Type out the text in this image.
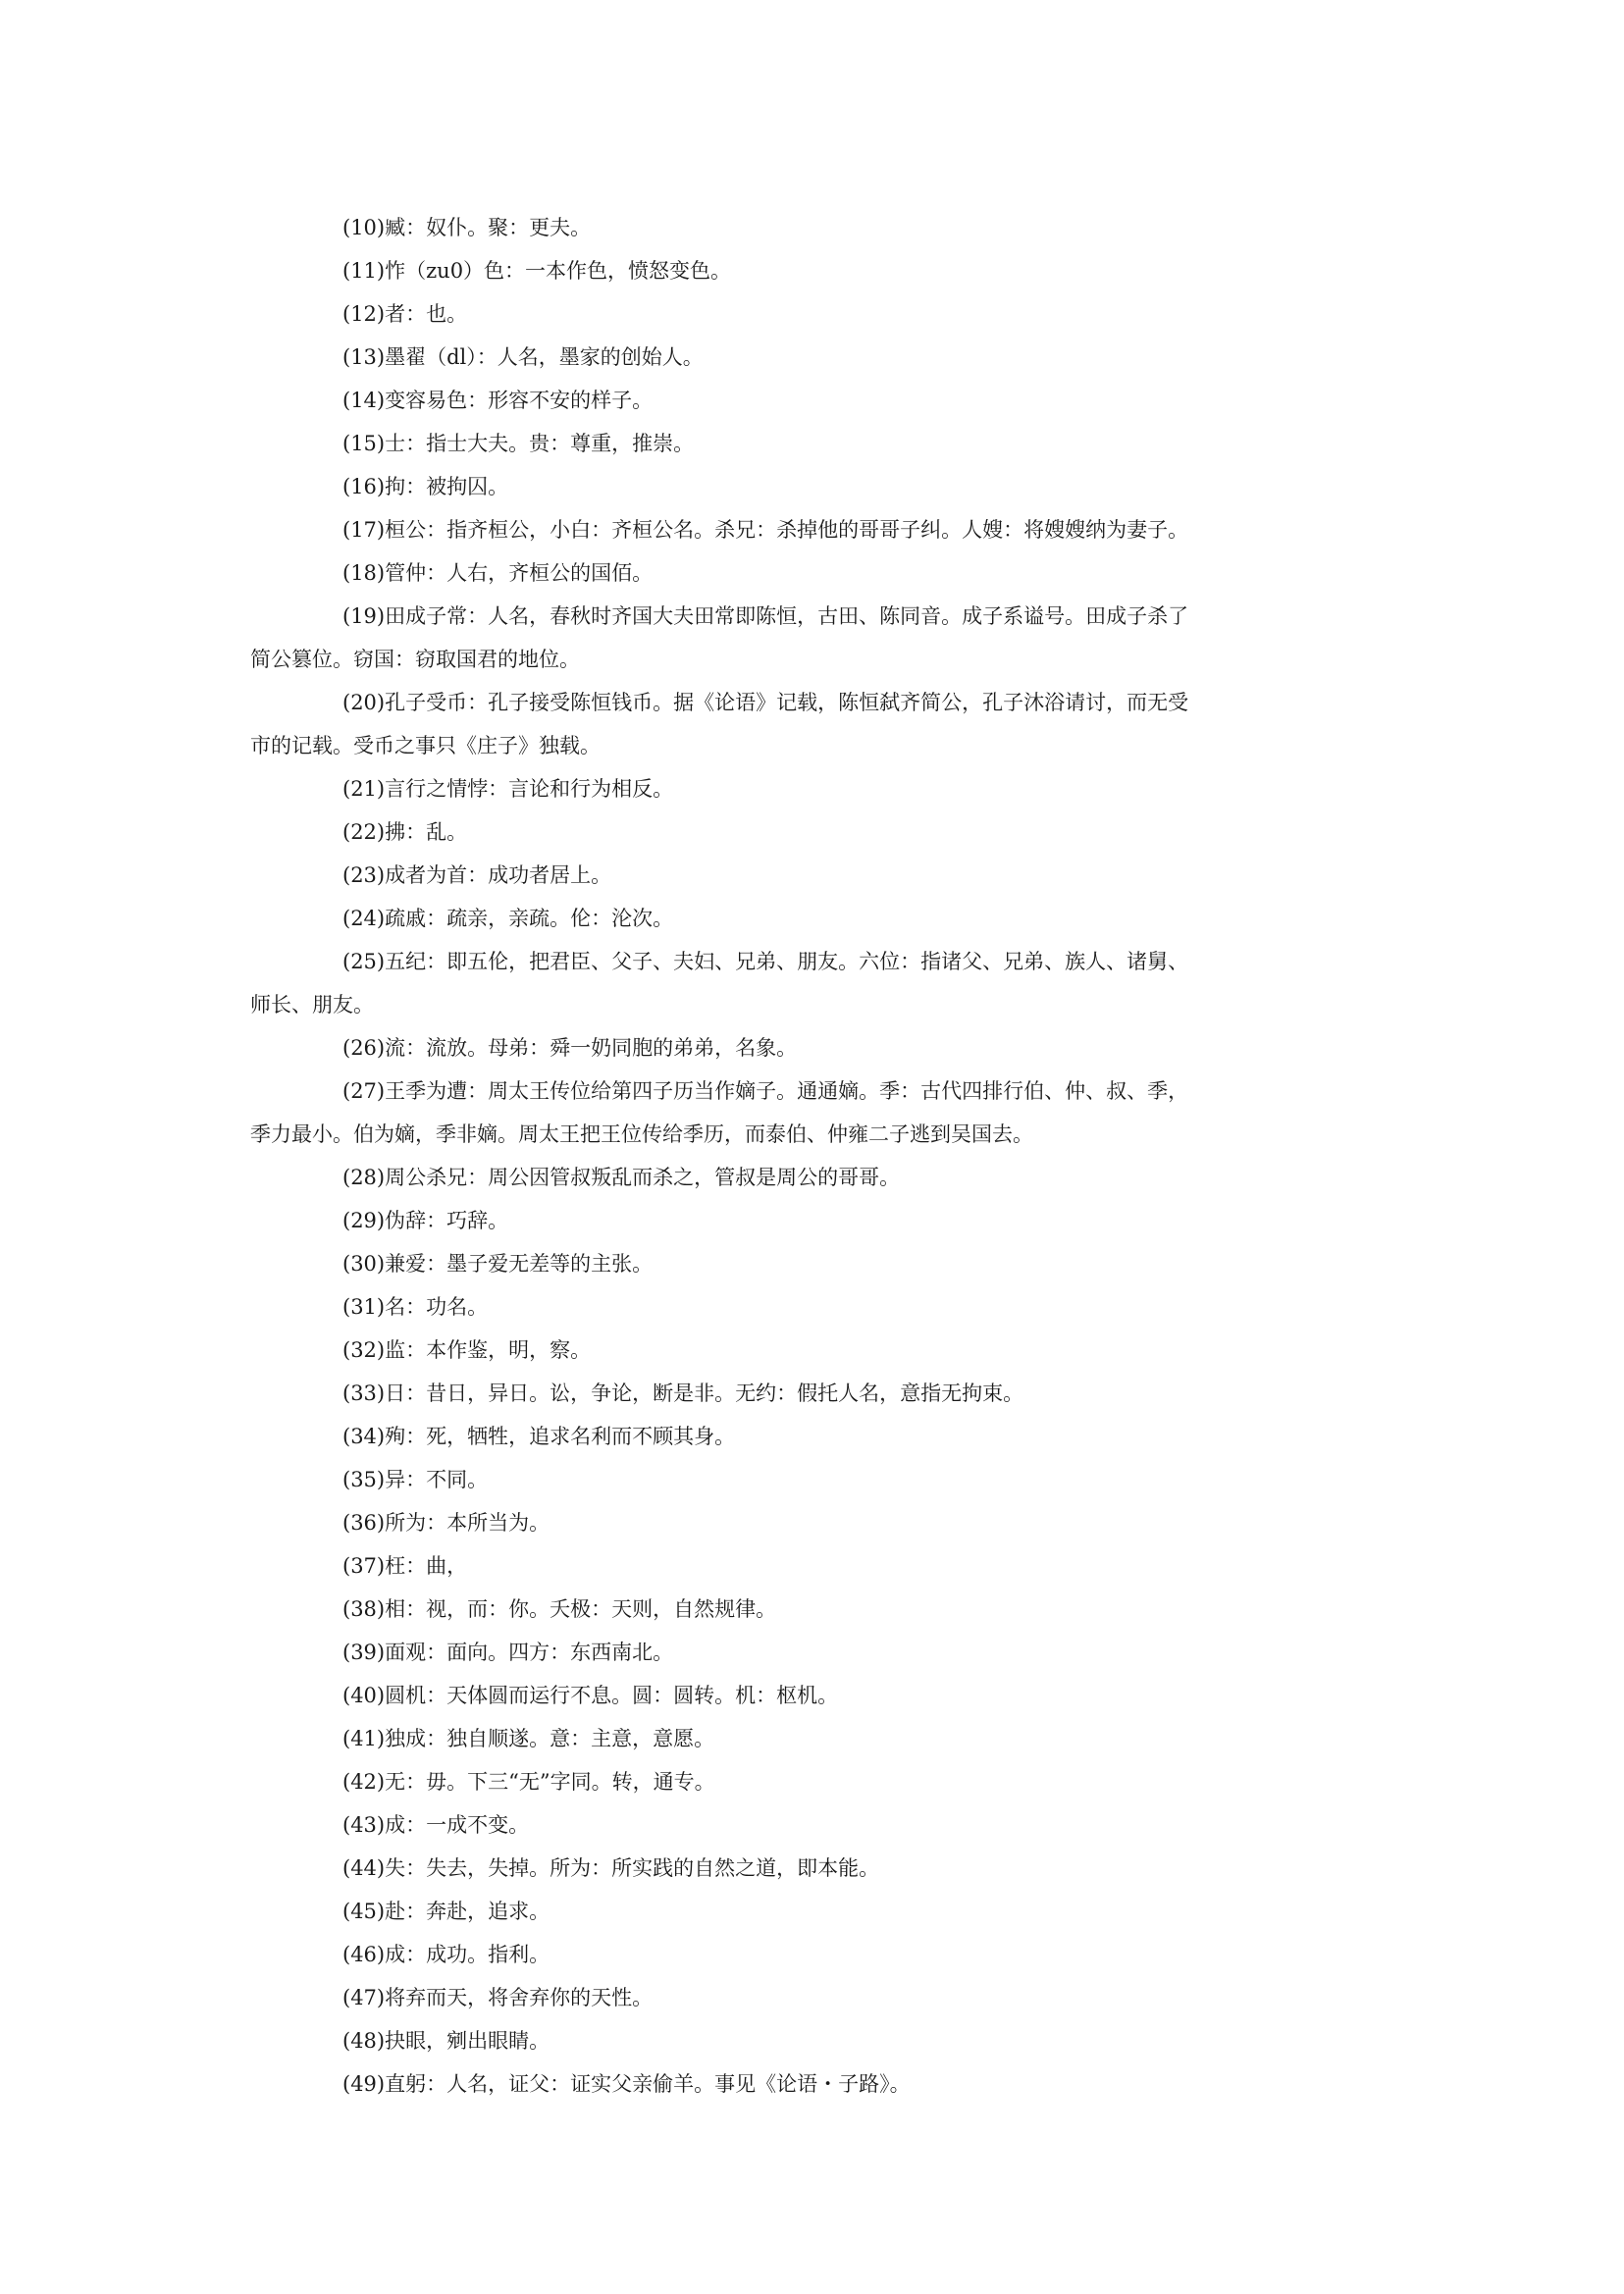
(10)臧：奴仆。聚：更夫。
(11)怍（zu0）色：一本作色，愤怒变色。
(12)者：也。
(13)墨翟（dl）：人名，墨家的创始人。
(14)变容易色：形容不安的样子。
(15)士：指士大夫。贵：尊重，推崇。
(16)拘：被拘囚。
(17)桓公：指齐桓公，小白：齐桓公名。杀兄：杀掉他的哥哥子纠。人嫂：将嫂嫂纳为妻子。
(18)管仲：人右，齐桓公的国佰。
(19)田成子常：人名，春秋时齐国大夫田常即陈恒，古田、陈同音。成子系谥号。田成子杀了
简公篡位。窃国：窃取国君的地位。
(20)孔子受币：孔子接受陈恒钱币。据《论语》记载，陈恒弑齐简公，孔子沐浴请讨，而无受
市的记载。受币之事只《庄子》独载。
(21)言行之情悖：言论和行为相反。
(22)拂：乱。
(23)成者为首：成功者居上。
(24)疏戚：疏亲，亲疏。伦：沦次。
(25)五纪：即五伦，把君臣、父子、夫妇、兄弟、朋友。六位：指诸父、兄弟、族人、诸舅、
师长、朋友。
(26)流：流放。母弟：舜一奶同胞的弟弟，名象。
(27)王季为遭：周太王传位给第四子历当作嫡子。通通嫡。季：古代四排行伯、仲、叔、季，
季力最小。伯为嫡，季非嫡。周太王把王位传给季历，而泰伯、仲雍二子逃到吴国去。
(28)周公杀兄：周公因管叔叛乱而杀之，管叔是周公的哥哥。
(29)伪辞：巧辞。
(30)兼爱：墨子爱无差等的主张。
(31)名：功名。
(32)监：本作鉴，明，察。
(33)日：昔日，异日。讼，争论，断是非。无约：假托人名，意指无拘束。
(34)殉：死，牺牲，追求名利而不顾其身。
(35)异：不同。
(36)所为：本所当为。
(37)枉：曲，
(38)相：视，而：你。夭极：天则，自然规律。
(39)面观：面向。四方：东西南北。
(40)圆机：天体圆而运行不息。圆：圆转。机：枢机。
(41)独成：独自顺遂。意：主意，意愿。
(42)无：毋。下三“无”字同。转，通专。
(43)成：一成不变。
(44)失：失去，失掉。所为：所实践的自然之道，即本能。
(45)赴：奔赴，追求。
(46)成：成功。指利。
(47)将弃而天，将舍弃你的天性。
(48)抉眼，剜出眼睛。
(49)直躬：人名，证父：证实父亲偷羊。事见《论语・子路》。
